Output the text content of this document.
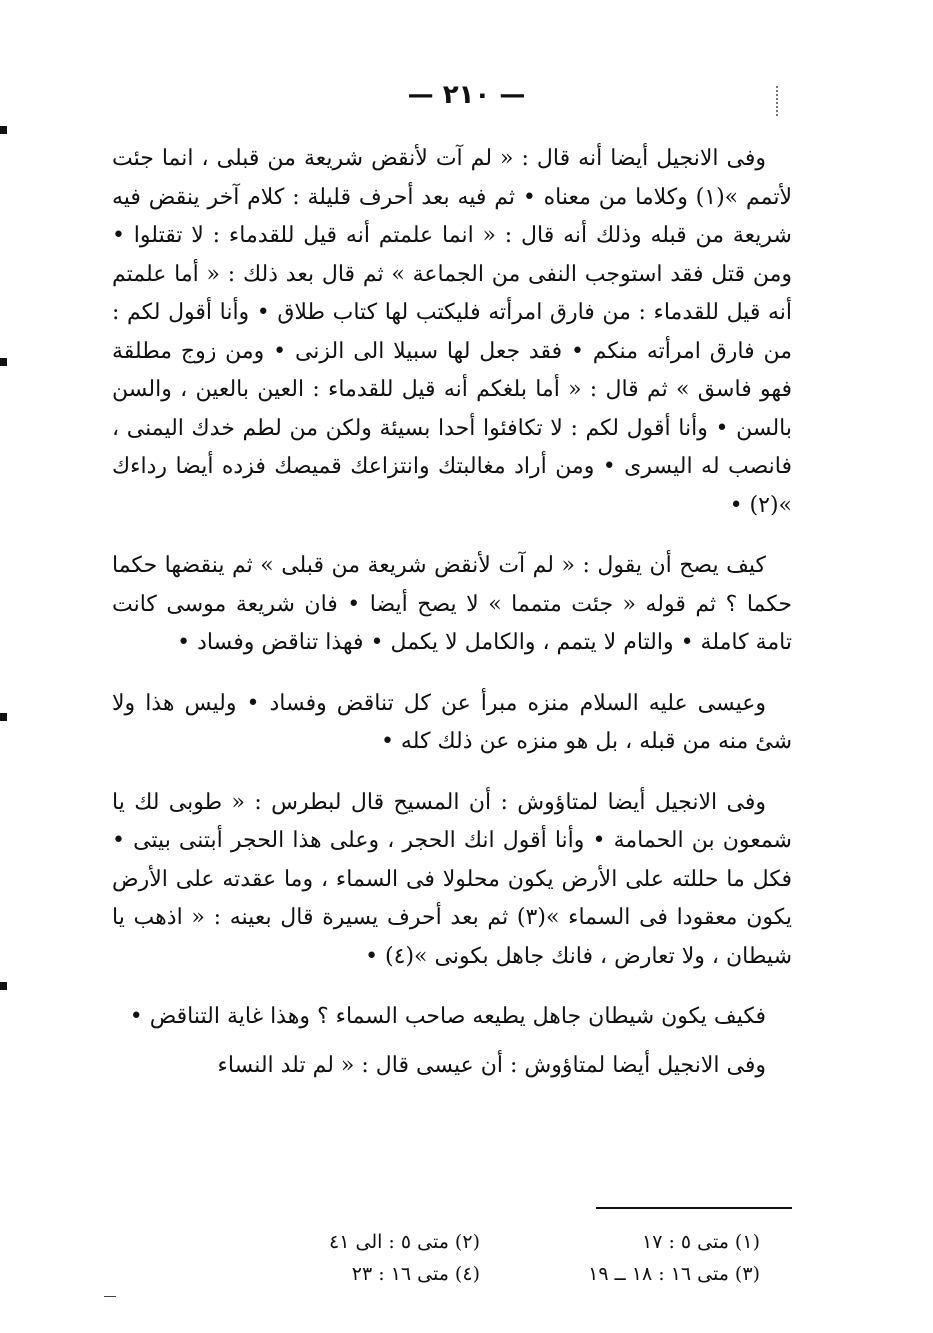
— ٢١٠ —

وفى الانجيل أيضا أنه قال : « لم آت لأنقض شريعة من قبلى ، انما جئت لأتمم »(١) وكلاما من معناه • ثم فيه بعد أحرف قليلة : كلام آخر ينقض فيه شريعة من قبله وذلك أنه قال : « انما علمتم أنه قيل للقدماء : لا تقتلوا • ومن قتل فقد استوجب النفى من الجماعة » ثم قال بعد ذلك : « أما علمتم أنه قيل للقدماء : من فارق امرأته فليكتب لها كتاب طلاق • وأنا أقول لكم : من فارق امرأته منكم • فقد جعل لها سبيلا الى الزنى • ومن زوج مطلقة فهو فاسق » ثم قال : « أما بلغكم أنه قيل للقدماء : العين بالعين ، والسن بالسن • وأنا أقول لكم : لا تكافئوا أحدا بسيئة ولكن من لطم خدك اليمنى ، فانصب له اليسرى • ومن أراد مغالبتك وانتزاعك قميصك فزده أيضا رداءك »(٢) •

كيف يصح أن يقول : « لم آت لأنقض شريعة من قبلى » ثم ينقضها حكما حكما ؟ ثم قوله « جئت متمما » لا يصح أيضا • فان شريعة موسى كانت تامة كاملة • والتام لا يتمم ، والكامل لا يكمل • فهذا تناقض وفساد •

وعيسى عليه السلام منزه مبرأ عن كل تناقض وفساد • وليس هذا ولا شئ منه من قبله ، بل هو منزه عن ذلك كله •

وفى الانجيل أيضا لمتاؤوش : أن المسيح قال لبطرس : « طوبى لك يا شمعون بن الحمامة • وأنا أقول انك الحجر ، وعلى هذا الحجر أبتنى بيتى • فكل ما حللته على الأرض يكون محلولا فى السماء ، وما عقدته على الأرض يكون معقودا فى السماء »(٣) ثم بعد أحرف يسيرة قال بعينه : « اذهب يا شيطان ، ولا تعارض ، فانك جاهل بكونى »(٤) •

فكيف يكون شيطان جاهل يطيعه صاحب السماء ؟ وهذا غاية التناقض •

وفى الانجيل أيضا لمتاؤوش : أن عيسى قال : « لم تلد النساء

(١) متى ٥ : ١٧
(٢) متى ٥ : الى ٤١
(٣) متى ١٦ : ١٨ ــ ١٩
(٤) متى ١٦ : ٢٣
